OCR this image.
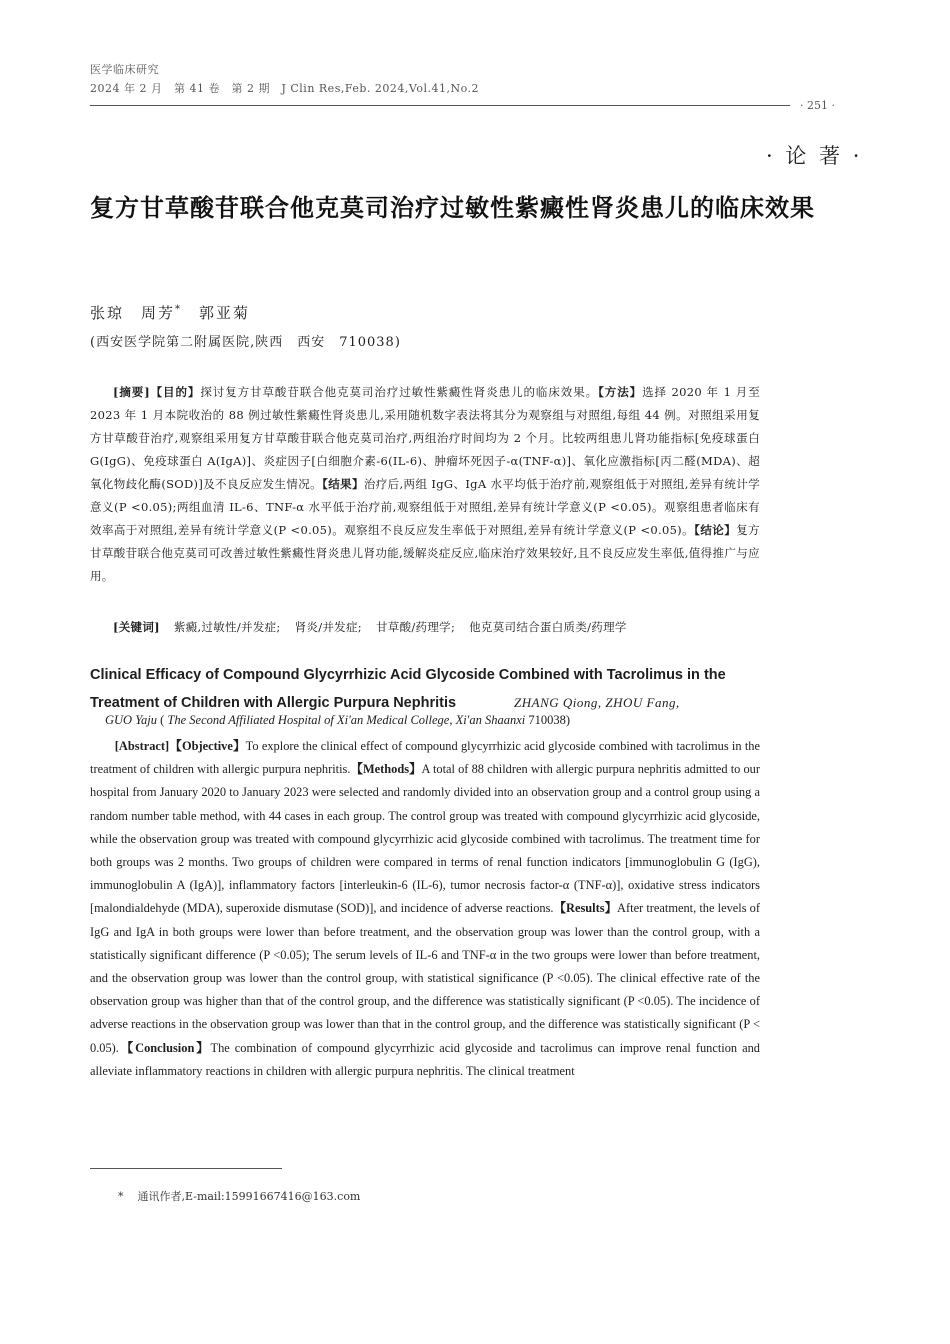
医学临床研究
2024 年 2 月　第 41 卷　第 2 期　J Clin Res,Feb. 2024,Vol.41,No.2
· 251 ·
· 论 著 ·
复方甘草酸苷联合他克莫司治疗过敏性紫癜性肾炎患儿的临床效果
张琼　周芳*　郭亚菊
(西安医学院第二附属医院,陕西　西安　710038)
[摘要]【目的】探讨复方甘草酸苷联合他克莫司治疗过敏性紫癜性肾炎患儿的临床效果。【方法】选择 2020 年 1 月至 2023 年 1 月本院收治的 88 例过敏性紫癜性肾炎患儿,采用随机数字表法将其分为观察组与对照组,每组 44 例。对照组采用复方甘草酸苷治疗,观察组采用复方甘草酸苷联合他克莫司治疗,两组治疗时间均为 2 个月。比较两组患儿肾功能指标[免疫球蛋白 G(IgG)、免疫球蛋白 A(IgA)]、炎症因子[白细胞介素-6(IL-6)、肿瘤坏死因子-α(TNF-α)]、氧化应激指标[丙二醛(MDA)、超氧化物歧化酶(SOD)]及不良反应发生情况。【结果】治疗后,两组 IgG、IgA 水平均低于治疗前,观察组低于对照组,差异有统计学意义(P <0.05);两组血清 IL-6、TNF-α 水平低于治疗前,观察组低于对照组,差异有统计学意义(P <0.05)。观察组患者临床有效率高于对照组,差异有统计学意义(P <0.05)。观察组不良反应发生率低于对照组,差异有统计学意义(P <0.05)。【结论】复方甘草酸苷联合他克莫司可改善过敏性紫癜性肾炎患儿肾功能,缓解炎症反应,临床治疗效果较好,且不良反应发生率低,值得推广与应用。
[关键词] 紫癜,过敏性/并发症; 肾炎/并发症; 甘草酸/药理学; 他克莫司结合蛋白质类/药理学
Clinical Efficacy of Compound Glycyrrhizic Acid Glycoside Combined with Tacrolimus in the Treatment of Children with Allergic Purpura Nephritis	ZHANG Qiong, ZHOU Fang,
GUO Yaju ( The Second Affiliated Hospital of Xi'an Medical College, Xi'an Shaanxi 710038)
[Abstract]【Objective】To explore the clinical effect of compound glycyrrhizic acid glycoside combined with tacrolimus in the treatment of children with allergic purpura nephritis.【Methods】A total of 88 children with allergic purpura nephritis admitted to our hospital from January 2020 to January 2023 were selected and randomly divided into an observation group and a control group using a random number table method, with 44 cases in each group. The control group was treated with compound glycyrrhizic acid glycoside, while the observation group was treated with compound glycyrrhizic acid glycoside combined with tacrolimus. The treatment time for both groups was 2 months. Two groups of children were compared in terms of renal function indicators [immunoglobulin G (IgG), immunoglobulin A (IgA)], inflammatory factors [interleukin-6 (IL-6), tumor necrosis factor-α (TNF-α)], oxidative stress indicators [malondialdehyde (MDA), superoxide dismutase (SOD)], and incidence of adverse reactions.【Results】After treatment, the levels of IgG and IgA in both groups were lower than before treatment, and the observation group was lower than the control group, with a statistically significant difference (P <0.05); The serum levels of IL-6 and TNF-α in the two groups were lower than before treatment, and the observation group was lower than the control group, with statistical significance (P <0.05). The clinical effective rate of the observation group was higher than that of the control group, and the difference was statistically significant (P <0.05). The incidence of adverse reactions in the observation group was lower than that in the control group, and the difference was statistically significant (P < 0.05).【Conclusion】The combination of compound glycyrrhizic acid glycoside and tacrolimus can improve renal function and alleviate inflammatory reactions in children with allergic purpura nephritis. The clinical treatment
* 通讯作者,E-mail:15991667416@163.com
